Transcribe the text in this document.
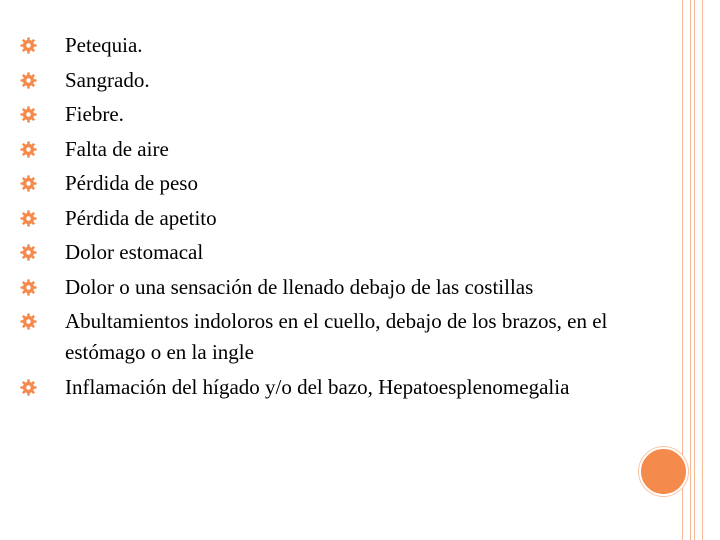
Petequia.
Sangrado.
Fiebre.
Falta de aire
Pérdida de peso
Pérdida de apetito
Dolor estomacal
Dolor o una sensación de llenado debajo de las costillas
Abultamientos indoloros en el cuello, debajo de los brazos, en el estómago o en la ingle
Inflamación del hígado y/o del bazo, Hepatoesplenomegalia
